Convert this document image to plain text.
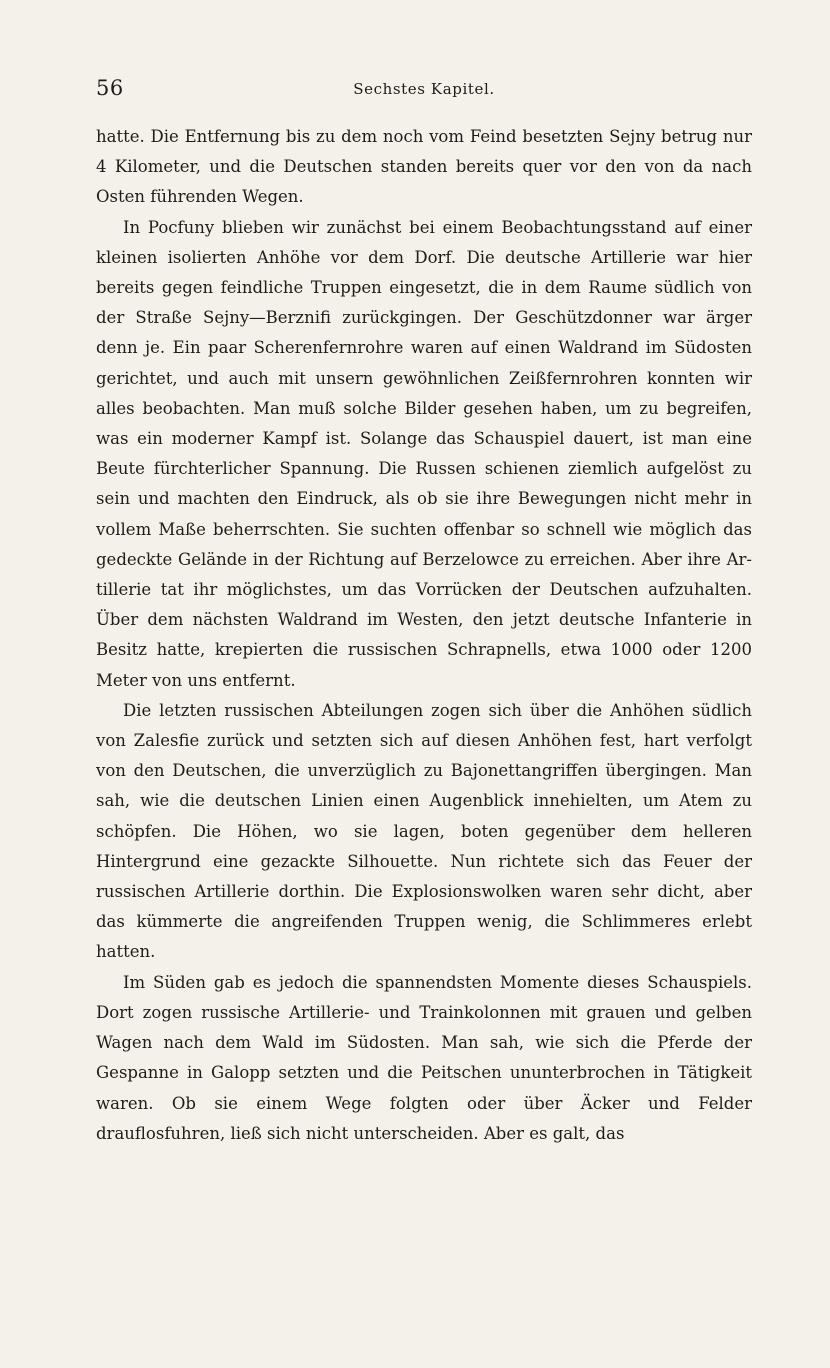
56	Sechstes Kapitel.

hatte. Die Entfernung bis zu dem noch vom Feind besetzten Sejny betrug nur 4 Kilometer, und die Deutschen standen bereits quer vor den von da nach Osten führenden Wegen.

In Pocfuny blieben wir zunächst bei einem Beobachtungsstand auf einer kleinen isolierten Anhöhe vor dem Dorf. Die deutsche Artillerie war hier bereits gegen feindliche Truppen eingesetzt, die in dem Raume südlich von der Straße Sejny—Berznifi zurückgingen. Der Geschützdonner war ärger denn je. Ein paar Scherenfernrohre waren auf einen Waldrand im Südosten gerichtet, und auch mit unsern gewöhnlichen Zeißfernrohren konnten wir alles beobachten. Man muß solche Bilder gesehen haben, um zu begreifen, was ein moderner Kampf ist. Solange das Schauspiel dauert, ist man eine Beute fürchterlicher Spannung. Die Russen schienen ziemlich aufgelöst zu sein und machten den Eindruck, als ob sie ihre Bewegungen nicht mehr in vollem Maße beherrschten. Sie suchten offenbar so schnell wie möglich das gedeckte Gelände in der Richtung auf Berzelowce zu erreichen. Aber ihre Artillerie tat ihr möglichstes, um das Vorrücken der Deutschen aufzuhalten. Über dem nächsten Waldrand im Westen, den jetzt deutsche Infanterie in Besitz hatte, krepierten die russischen Schrapnells, etwa 1000 oder 1200 Meter von uns entfernt.

Die letzten russischen Abteilungen zogen sich über die Anhöhen südlich von Zalesfie zurück und setzten sich auf diesen Anhöhen fest, hart verfolgt von den Deutschen, die unverzüglich zu Bajonettangriffen übergingen. Man sah, wie die deutschen Linien einen Augenblick innehielten, um Atem zu schöpfen. Die Höhen, wo sie lagen, boten gegenüber dem helleren Hintergrund eine gezackte Silhouette. Nun richtete sich das Feuer der russischen Artillerie dorthin. Die Explosionswolken waren sehr dicht, aber das kümmerte die angreifenden Truppen wenig, die Schlimmeres erlebt hatten.

Im Süden gab es jedoch die spannendsten Momente dieses Schauspiels. Dort zogen russische Artillerie- und Trainkolonnen mit grauen und gelben Wagen nach dem Wald im Südosten. Man sah, wie sich die Pferde der Gespanne in Galopp setzten und die Peitschen ununterbrochen in Tätigkeit waren. Ob sie einem Wege folgten oder über Äcker und Felder drauflosfuhren, ließ sich nicht unterscheiden. Aber es galt, das
